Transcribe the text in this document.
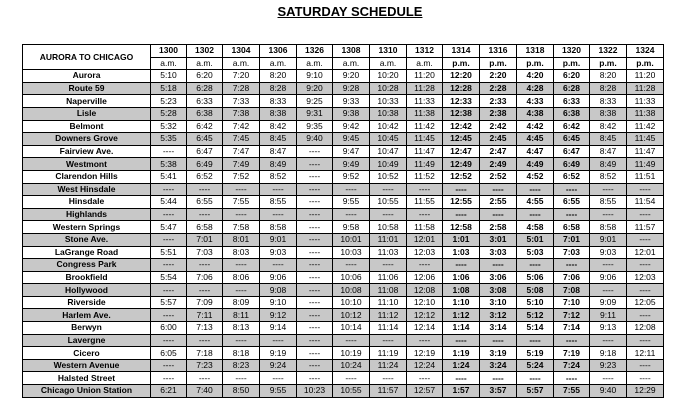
SATURDAY SCHEDULE
AURORA TO CHICAGO	1300	1302	1304	1306	1326	1308	1310	1312	1314	1316	1318	1320	1322	1324
	a.m.	a.m.	a.m.	a.m.	a.m.	a.m.	a.m.	a.m.	p.m.	p.m.	p.m.	p.m.	p.m.	p.m.
Aurora	5:10	6:20	7:20	8:20	9:10	9:20	10:20	11:20	12:20	2:20	4:20	6:20	8:20	11:20
Route 59	5:18	6:28	7:28	8:28	9:20	9:28	10:28	11:28	12:28	2:28	4:28	6:28	8:28	11:28
Naperville	5:23	6:33	7:33	8:33	9:25	9:33	10:33	11:33	12:33	2:33	4:33	6:33	8:33	11:33
Lisle	5:28	6:38	7:38	8:38	9:31	9:38	10:38	11:38	12:38	2:38	4:38	6:38	8:38	11:38
Belmont	5:32	6:42	7:42	8:42	9:35	9:42	10:42	11:42	12:42	2:42	4:42	6:42	8:42	11:42
Downers Grove	5:35	6:45	7:45	8:45	9:40	9:45	10:45	11:45	12:45	2:45	4:45	6:45	8:45	11:45
Fairview Ave.	----	6:47	7:47	8:47	----	9:47	10:47	11:47	12:47	2:47	4:47	6:47	8:47	11:47
Westmont	5:38	6:49	7:49	8:49	----	9:49	10:49	11:49	12:49	2:49	4:49	6:49	8:49	11:49
Clarendon Hills	5:41	6:52	7:52	8:52	----	9:52	10:52	11:52	12:52	2:52	4:52	6:52	8:52	11:51
West Hinsdale	----	----	----	----	----	----	----	----	----	----	----	----	----	----
Hinsdale	5:44	6:55	7:55	8:55	----	9:55	10:55	11:55	12:55	2:55	4:55	6:55	8:55	11:54
Highlands	----	----	----	----	----	----	----	----	----	----	----	----	----	----
Western Springs	5:47	6:58	7:58	8:58	----	9:58	10:58	11:58	12:58	2:58	4:58	6:58	8:58	11:57
Stone Ave.	----	7:01	8:01	9:01	----	10:01	11:01	12:01	1:01	3:01	5:01	7:01	9:01	----
LaGrange Road	5:51	7:03	8:03	9:03	----	10:03	11:03	12:03	1:03	3:03	5:03	7:03	9:03	12:01
Congress Park	----	----	----	----	----	----	----	----	----	----	----	----	----	----
Brookfield	5:54	7:06	8:06	9:06	----	10:06	11:06	12:06	1:06	3:06	5:06	7:06	9:06	12:03
Hollywood	----	----	----	9:08	----	10:08	11:08	12:08	1:08	3:08	5:08	7:08	----	----
Riverside	5:57	7:09	8:09	9:10	----	10:10	11:10	12:10	1:10	3:10	5:10	7:10	9:09	12:05
Harlem Ave.	----	7:11	8:11	9:12	----	10:12	11:12	12:12	1:12	3:12	5:12	7:12	9:11	----
Berwyn	6:00	7:13	8:13	9:14	----	10:14	11:14	12:14	1:14	3:14	5:14	7:14	9:13	12:08
Lavergne	----	----	----	----	----	----	----	----	----	----	----	----	----	----
Cicero	6:05	7:18	8:18	9:19	----	10:19	11:19	12:19	1:19	3:19	5:19	7:19	9:18	12:11
Western Avenue	----	7:23	8:23	9:24	----	10:24	11:24	12:24	1:24	3:24	5:24	7:24	9:23	----
Halsted Street	----	----	----	----	----	----	----	----	----	----	----	----	----	----
Chicago Union Station	6:21	7:40	8:50	9:55	10:23	10:55	11:57	12:57	1:57	3:57	5:57	7:55	9:40	12:29
